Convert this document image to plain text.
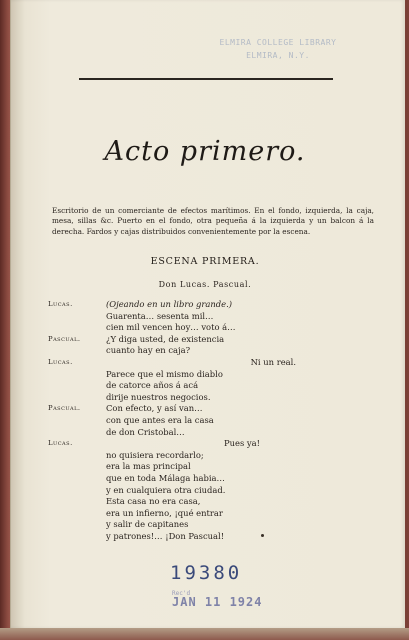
ELMIRA COLLEGE LIBRARY
ELMIRA, N.Y.
Acto primero.
Escritorio de un comerciante de efectos marítimos. En el fondo, izquierda, la caja, mesa, sillas &c. Puerto en el fondo, otra pequeña á la izquierda y un balcon á la derecha. Fardos y cajas distribuidos convenientemente por la escena.
ESCENA PRIMERA.
Don Lucas. Pascual.
Lucas.	(Ojeando en un libro grande.)
Guarenta… sesenta mil…
cien mil vencen hoy… voto á…
Pascual.	¿Y diga usted, de existencia
cuanto hay en caja?
Lucas.	Ni un real.
Parece que el mismo diablo
de catorce años á acá
dirije nuestros negocios.
Pascual.	Con efecto, y así van…
con que antes era la casa
de don Cristobal…
Lucas.	Pues ya!
no quisiera recordarlo;
era la mas principal
que en toda Málaga habia…
y en cualquiera otra ciudad.
Esta casa no era casa,
era un infierno, ¡qué entrar
y salir de capitanes
y patrones!… ¡Don Pascual!
19380
Rec'd
JAN 11 1924
